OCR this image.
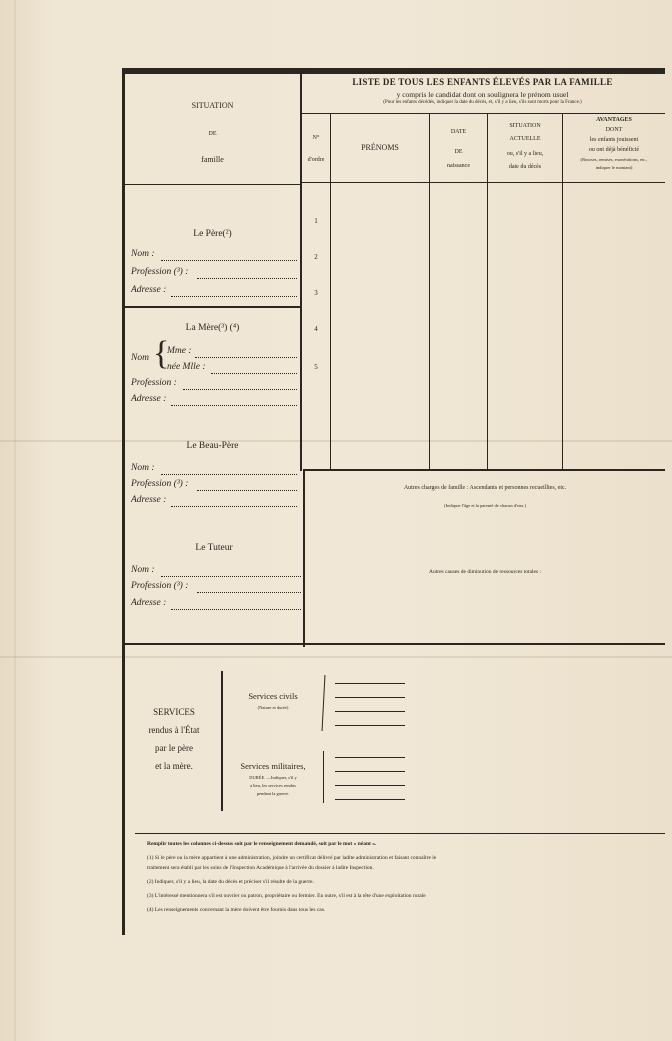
SITUATION
DE
famille
LISTE DE TOUS LES ENFANTS ÉLEVÉS PAR LA FAMILLE
y compris le candidat dont on soulignera le prénom usuel
(Pour les enfants décédés, indiquer la date du décès, et, s'il y a lieu, s'ils sont morts pour la France.)
N°
d'ordre
PRÉNOMS
DATE
DE
naissance
SITUATION
ACTUELLE
ou, s'il y a lieu,
date du décès
AVANTAGES
DONT
les enfants jouissent
ou ont déjà bénéficié
(Bourses, remises, exonérations, etc.,
indiquer le montant)
1
2
3
4
5
Le Père(²)
Nom :
Profession (³) :
Adresse :
La Mère(³) (⁴)
Nom {
Mme :
née Mlle :
Profession :
Adresse :
Le Beau-Père
Nom :
Profession (³) :
Adresse :
Le Tuteur
Nom :
Profession (³) :
Adresse :
Autres charges de famille : Ascendants et personnes recueillies, etc.
(Indiquer l'âge et la parenté de chacun d'eux.)
Autres causes de diminution de ressources totales :
SERVICES
rendus à l'État
par le père
et la mère.
Services civils
(Nature et durée)
Services militaires,
DURÉE. —Indiquer, s'il y
a lieu, les services rendus
pendant la guerre.
Remplir toutes les colonnes ci-dessus soit par le renseignement demandé, soit par le mot « néant ».
(1) Si le père ou la mère appartient à une administration, joindre un certificat délivré par ladite administration et faisant connaître le
traitement sera établi par les soins de l'Inspection Académique à l'arrivée du dossier à ladite Inspection.
(2) Indiquer, s'il y a lieu, la date du décès et préciser s'il résulte de la guerre.
(3) L'intéressé mentionnera s'il est ouvrier ou patron, propriétaire ou fermier. En outre, s'il est à la tête d'une exploitation rurale
(4) Les renseignements concernant la mère doivent être fournis dans tous les cas.
